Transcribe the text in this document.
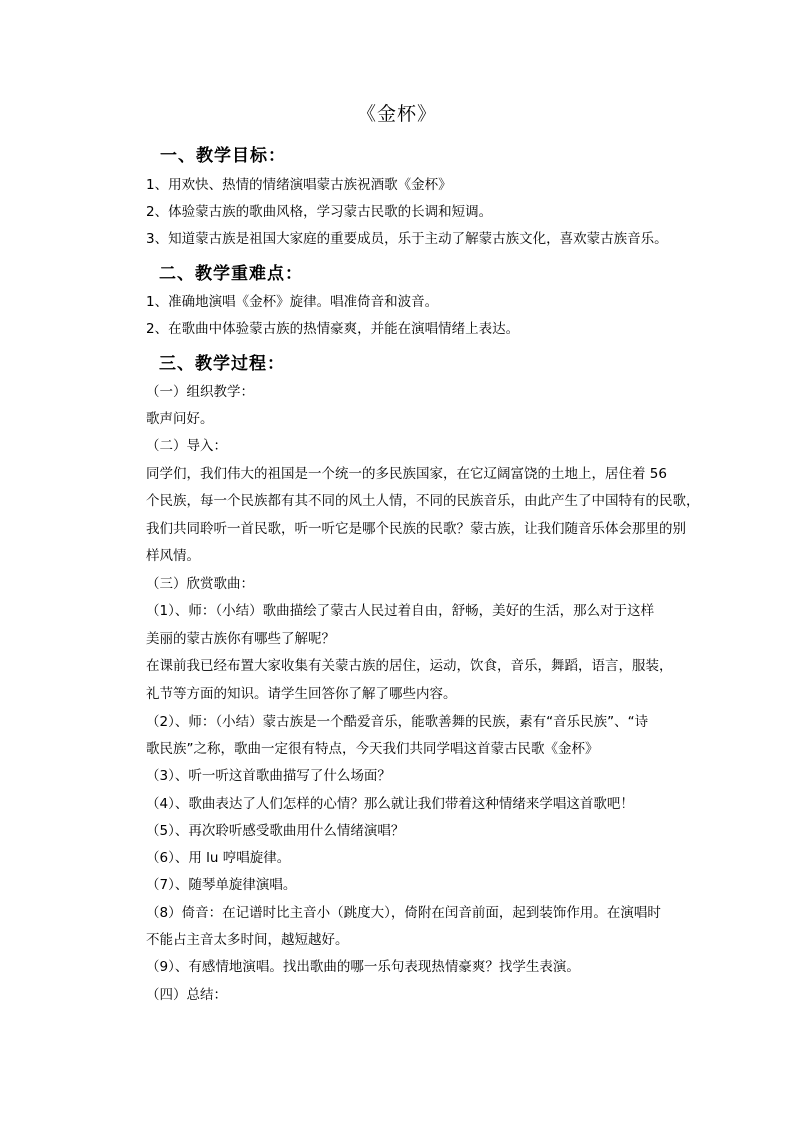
《金杯》
一、教学目标：
1、用欢快、热情的情绪演唱蒙古族祝酒歌《金杯》
2、体验蒙古族的歌曲风格，学习蒙古民歌的长调和短调。
3、知道蒙古族是祖国大家庭的重要成员，乐于主动了解蒙古族文化，喜欢蒙古族音乐。
二、教学重难点：
1、准确地演唱《金杯》旋律。唱准倚音和波音。
2、在歌曲中体验蒙古族的热情豪爽，并能在演唱情绪上表达。
三、教学过程：
（一）组织教学：
歌声问好。
（二）导入：
同学们，我们伟大的祖国是一个统一的多民族国家，在它辽阔富饶的土地上，居住着 56
个民族，每一个民族都有其不同的风土人情，不同的民族音乐，由此产生了中国特有的民歌，
我们共同聆听一首民歌，听一听它是哪个民族的民歌？蒙古族，让我们随音乐体会那里的别
样风情。
（三）欣赏歌曲：
（1）、师：（小结）歌曲描绘了蒙古人民过着自由，舒畅，美好的生活，那么对于这样
美丽的蒙古族你有哪些了解呢？
在课前我已经布置大家收集有关蒙古族的居住，运动，饮食，音乐，舞蹈，语言，服装，
礼节等方面的知识。请学生回答你了解了哪些内容。
（2）、师：（小结）蒙古族是一个酷爱音乐，能歌善舞的民族，素有“音乐民族”、“诗
歌民族”之称，歌曲一定很有特点，今天我们共同学唱这首蒙古民歌《金杯》
（3）、听一听这首歌曲描写了什么场面？
（4）、歌曲表达了人们怎样的心情？那么就让我们带着这种情绪来学唱这首歌吧！
（5）、再次聆听感受歌曲用什么情绪演唱？
（6）、用 lu 哼唱旋律。
（7）、随琴单旋律演唱。
（8）倚音：在记谱时比主音小（跳度大），倚附在闰音前面，起到装饰作用。在演唱时
不能占主音太多时间，越短越好。
（9）、有感情地演唱。找出歌曲的哪一乐句表现热情豪爽？找学生表演。
（四）总结：
